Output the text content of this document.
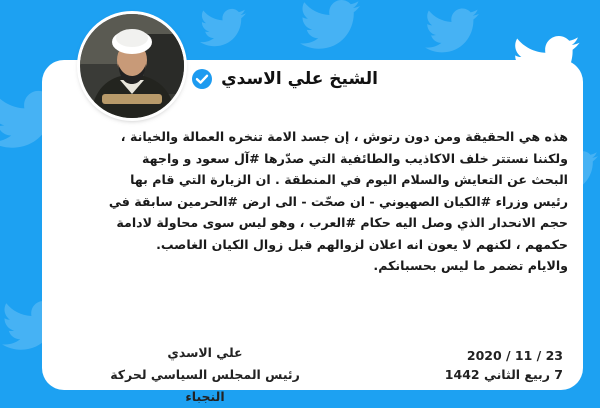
هذه هي الحقيقة ومن دون رتوش ، إن جسد الامة تنخره العمالة والخيانة ،
ولكننا نستتر خلف الاكاذيب والطائفية التي صدّرها #آل سعود و واجهة
البحث عن التعايش والسلام اليوم في المنطقة . ان الزيارة التي قام بها
رئيس وزراء #الكيان الصهيوني - ان صحّت - الى ارض #الحرمين سابقة في
حجم الانحدار الذي وصل اليه حكام #العرب ، وهو ليس سوى محاولة لادامة
حكمهم ، لكنهم لا يعون انه اعلان لزوالهم قبل زوال الكيان الغاصب.
والايام تضمر ما ليس بحسبانكم.
علي الاسدي
رئيس المجلس السياسي لحركة النجباء
2020 / 11 / 23
7 ربيع الثاني 1442
الشيخ علي الاسدي
